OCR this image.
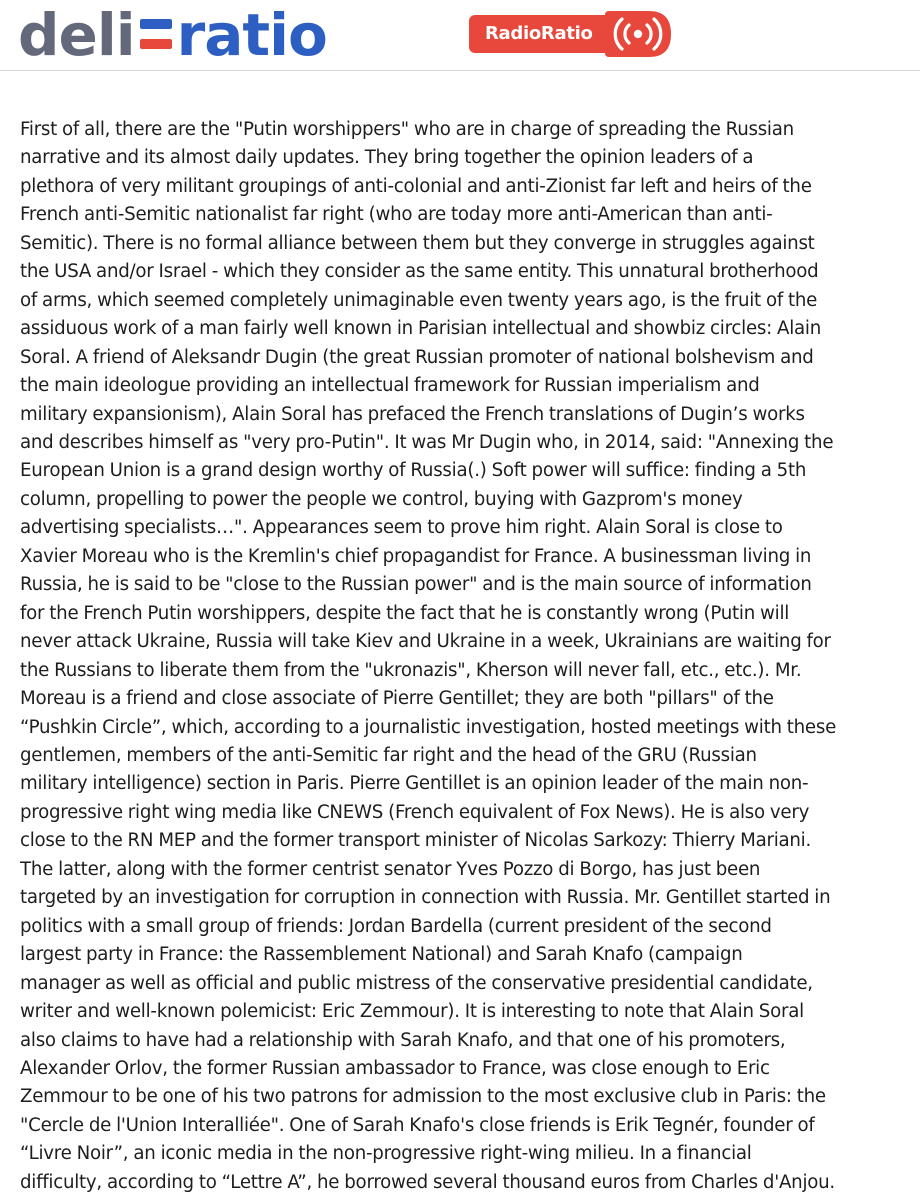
deli ratio	RadioRatio

First of all, there are the "Putin worshippers" who are in charge of spreading the Russian
narrative and its almost daily updates. They bring together the opinion leaders of a
plethora of very militant groupings of anti-colonial and anti-Zionist far left and heirs of the
French anti-Semitic nationalist far right (who are today more anti-American than anti-
Semitic). There is no formal alliance between them but they converge in struggles against
the USA and/or Israel - which they consider as the same entity. This unnatural brotherhood
of arms, which seemed completely unimaginable even twenty years ago, is the fruit of the
assiduous work of a man fairly well known in Parisian intellectual and showbiz circles: Alain
Soral. A friend of Aleksandr Dugin (the great Russian promoter of national bolshevism and
the main ideologue providing an intellectual framework for Russian imperialism and
military expansionism), Alain Soral has prefaced the French translations of Dugin’s works
and describes himself as "very pro-Putin". It was Mr Dugin who, in 2014, said: "Annexing the
European Union is a grand design worthy of Russia(.) Soft power will suffice: finding a 5th
column, propelling to power the people we control, buying with Gazprom's money
advertising specialists…". Appearances seem to prove him right. Alain Soral is close to
Xavier Moreau who is the Kremlin's chief propagandist for France. A businessman living in
Russia, he is said to be "close to the Russian power" and is the main source of information
for the French Putin worshippers, despite the fact that he is constantly wrong (Putin will
never attack Ukraine, Russia will take Kiev and Ukraine in a week, Ukrainians are waiting for
the Russians to liberate them from the "ukronazis", Kherson will never fall, etc., etc.). Mr.
Moreau is a friend and close associate of Pierre Gentillet; they are both "pillars" of the
“Pushkin Circle”, which, according to a journalistic investigation, hosted meetings with these
gentlemen, members of the anti-Semitic far right and the head of the GRU (Russian
military intelligence) section in Paris. Pierre Gentillet is an opinion leader of the main non-
progressive right wing media like CNEWS (French equivalent of Fox News). He is also very
close to the RN MEP and the former transport minister of Nicolas Sarkozy: Thierry Mariani.
The latter, along with the former centrist senator Yves Pozzo di Borgo, has just been
targeted by an investigation for corruption in connection with Russia. Mr. Gentillet started in
politics with a small group of friends: Jordan Bardella (current president of the second
largest party in France: the Rassemblement National) and Sarah Knafo (campaign
manager as well as official and public mistress of the conservative presidential candidate,
writer and well-known polemicist: Eric Zemmour). It is interesting to note that Alain Soral
also claims to have had a relationship with Sarah Knafo, and that one of his promoters,
Alexander Orlov, the former Russian ambassador to France, was close enough to Eric
Zemmour to be one of his two patrons for admission to the most exclusive club in Paris: the
"Cercle de l'Union Interalliée". One of Sarah Knafo's close friends is Erik Tegnér, founder of
“Livre Noir”, an iconic media in the non-progressive right-wing milieu. In a financial
difficulty, according to “Lettre A”, he borrowed several thousand euros from Charles d'Anjou.
